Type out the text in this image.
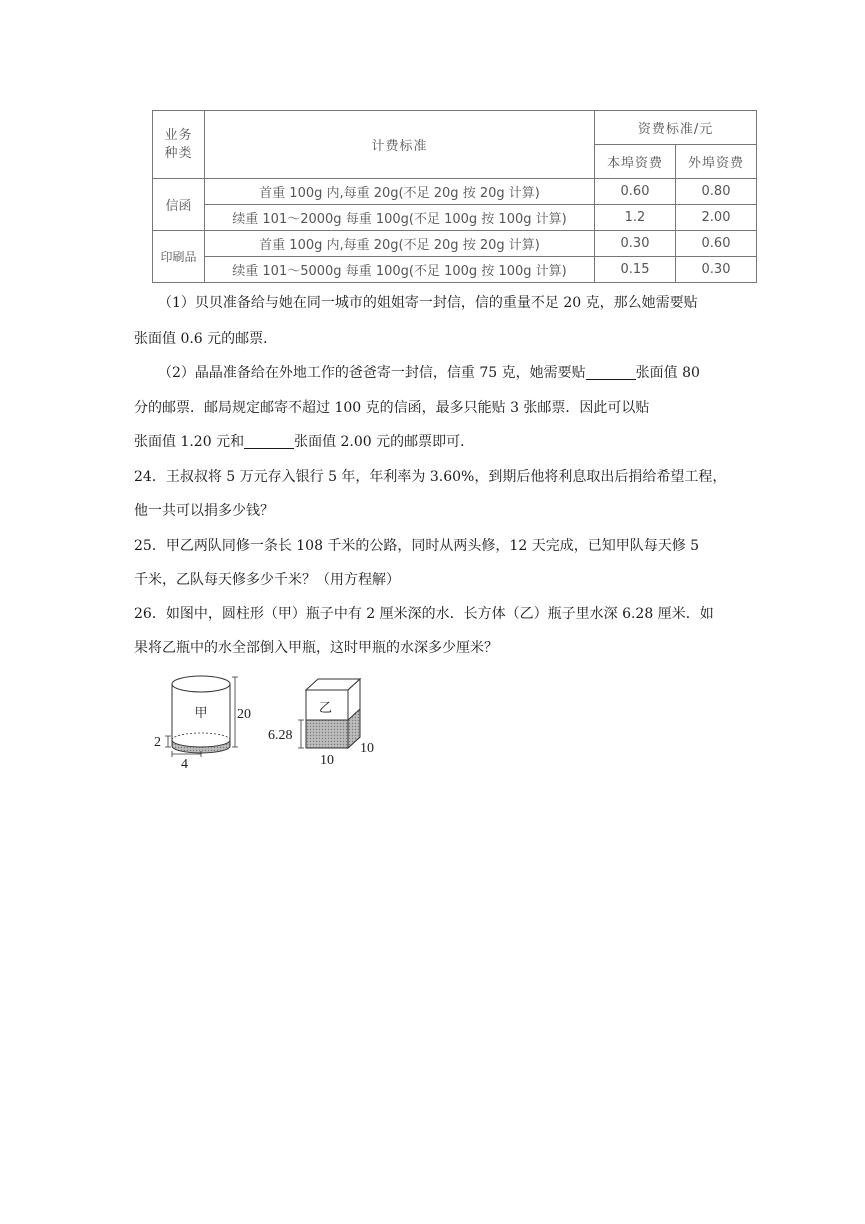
业务种类	计费标准	资费标准/元	
		本埠资费	外埠资费
信函	首重 100g 内,每重 20g(不足 20g 按 20g 计算)	0.60	0.80
	续重 101～2000g 每重 100g(不足 100g 按 100g 计算)	1.2	2.00
印刷品	首重 100g 内,每重 20g(不足 20g 按 20g 计算)	0.30	0.60
	续重 101～5000g 每重 100g(不足 100g 按 100g 计算)	0.15	0.30
（1）贝贝准备给与她在同一城市的姐姐寄一封信，信的重量不足 20 克，那么她需要贴
张面值 0.6 元的邮票．
（2）晶晶准备给在外地工作的爸爸寄一封信，信重 75 克，她需要贴	张面值 80
分的邮票．邮局规定邮寄不超过 100 克的信函，最多只能贴 3 张邮票．因此可以贴
张面值 1.20 元和	张面值 2.00 元的邮票即可．
24．王叔叔将 5 万元存入银行 5 年，年利率为 3.60%，到期后他将利息取出后捐给希望工程，
他一共可以捐多少钱？
25．甲乙两队同修一条长 108 千米的公路，同时从两头修，12 天完成，已知甲队每天修 5
千米，乙队每天修多少千米？（用方程解）
26．如图中，圆柱形（甲）瓶子中有 2 厘米深的水．长方体（乙）瓶子里水深 6.28 厘米．如
果将乙瓶中的水全部倒入甲瓶，这时甲瓶的水深多少厘米？
甲 20
2
4
乙
6.28
10
10
